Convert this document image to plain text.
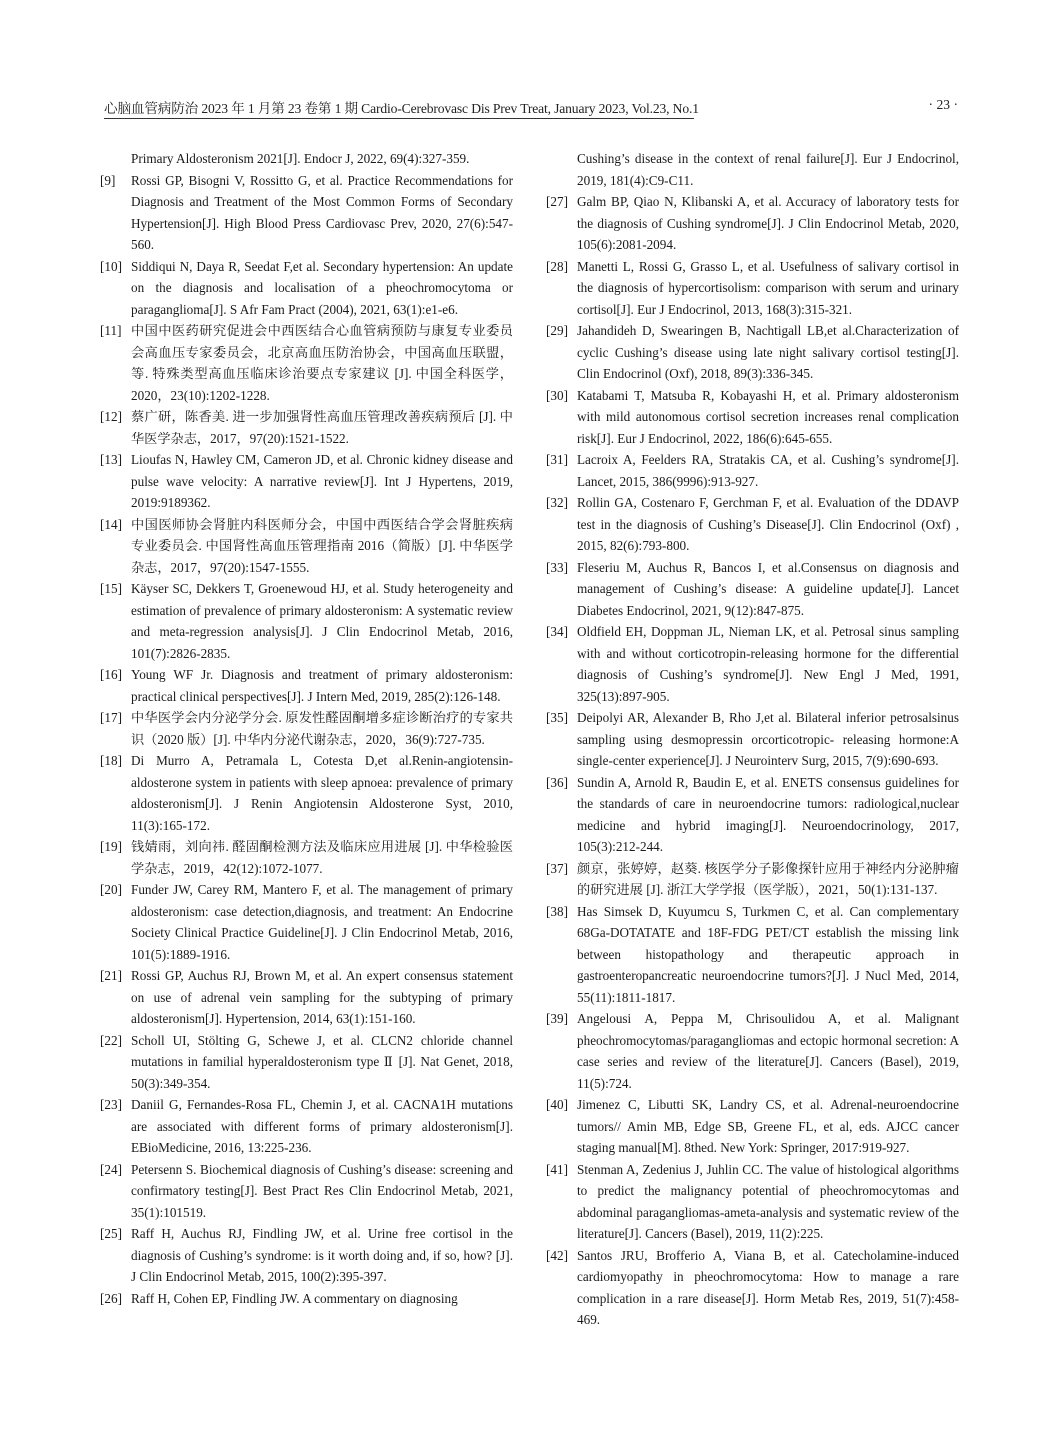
心脑血管病防治 2023 年 1 月第 23 卷第 1 期 Cardio-Cerebrovasc Dis Prev Treat, January 2023, Vol.23, No.1	· 23 ·
Primary Aldosteronism 2021[J]. Endocr J, 2022, 69(4):327-359.
[9] Rossi GP, Bisogni V, Rossitto G, et al. Practice Recommendations for Diagnosis and Treatment of the Most Common Forms of Secondary Hypertension[J]. High Blood Press Cardiovasc Prev, 2020, 27(6):547-560.
[10] Siddiqui N, Daya R, Seedat F,et al. Secondary hypertension: An update on the diagnosis and localisation of a pheochromocytoma or paraganglioma[J]. S Afr Fam Pract (2004), 2021, 63(1):e1-e6.
[11] 中国中医药研究促进会中西医结合心血管病预防与康复专业委员会高血压专家委员会，北京高血压防治协会，中国高血压联盟，等. 特殊类型高血压临床诊治要点专家建议 [J]. 中国全科医学，2020，23(10):1202-1228.
[12] 蔡广研，陈香美. 进一步加强肾性高血压管理改善疾病预后 [J]. 中华医学杂志，2017，97(20):1521-1522.
[13] Lioufas N, Hawley CM, Cameron JD, et al. Chronic kidney disease and pulse wave velocity: A narrative review[J]. Int J Hypertens, 2019, 2019:9189362.
[14] 中国医师协会肾脏内科医师分会，中国中西医结合学会肾脏疾病专业委员会. 中国肾性高血压管理指南 2016（简版）[J]. 中华医学杂志，2017，97(20):1547-1555.
[15] Käyser SC, Dekkers T, Groenewoud HJ, et al. Study heterogeneity and estimation of prevalence of primary aldosteronism: A systematic review and meta-regression analysis[J]. J Clin Endocrinol Metab, 2016, 101(7):2826-2835.
[16] Young WF Jr. Diagnosis and treatment of primary aldosteronism: practical clinical perspectives[J]. J Intern Med, 2019, 285(2):126-148.
[17] 中华医学会内分泌学分会. 原发性醛固酮增多症诊断治疗的专家共识（2020 版）[J]. 中华内分泌代谢杂志，2020，36(9):727-735.
[18] Di Murro A, Petramala L, Cotesta D,et al.Renin-angiotensin-aldosterone system in patients with sleep apnoea: prevalence of primary aldosteronism[J]. J Renin Angiotensin Aldosterone Syst, 2010, 11(3):165-172.
[19] 钱婧雨，刘向祎. 醛固酮检测方法及临床应用进展 [J]. 中华检验医学杂志，2019，42(12):1072-1077.
[20] Funder JW, Carey RM, Mantero F, et al. The management of primary aldosteronism: case detection,diagnosis, and treatment: An Endocrine Society Clinical Practice Guideline[J]. J Clin Endocrinol Metab, 2016, 101(5):1889-1916.
[21] Rossi GP, Auchus RJ, Brown M, et al. An expert consensus statement on use of adrenal vein sampling for the subtyping of primary aldosteronism[J]. Hypertension, 2014, 63(1):151-160.
[22] Scholl UI, Stölting G, Schewe J, et al. CLCN2 chloride channel mutations in familial hyperaldosteronism type Ⅱ [J]. Nat Genet, 2018, 50(3):349-354.
[23] Daniil G, Fernandes-Rosa FL, Chemin J, et al. CACNA1H mutations are associated with different forms of primary aldosteronism[J]. EBioMedicine, 2016, 13:225-236.
[24] Petersenn S. Biochemical diagnosis of Cushing’s disease: screening and confirmatory testing[J]. Best Pract Res Clin Endocrinol Metab, 2021, 35(1):101519.
[25] Raff H, Auchus RJ, Findling JW, et al. Urine free cortisol in the diagnosis of Cushing’s syndrome: is it worth doing and, if so, how? [J]. J Clin Endocrinol Metab, 2015, 100(2):395-397.
[26] Raff H, Cohen EP, Findling JW. A commentary on diagnosing
Cushing’s disease in the context of renal failure[J]. Eur J Endocrinol, 2019, 181(4):C9-C11.
[27] Galm BP, Qiao N, Klibanski A, et al. Accuracy of laboratory tests for the diagnosis of Cushing syndrome[J]. J Clin Endocrinol Metab, 2020, 105(6):2081-2094.
[28] Manetti L, Rossi G, Grasso L, et al. Usefulness of salivary cortisol in the diagnosis of hypercortisolism: comparison with serum and urinary cortisol[J]. Eur J Endocrinol, 2013, 168(3):315-321.
[29] Jahandideh D, Swearingen B, Nachtigall LB,et al.Characterization of cyclic Cushing’s disease using late night salivary cortisol testing[J]. Clin Endocrinol (Oxf), 2018, 89(3):336-345.
[30] Katabami T, Matsuba R, Kobayashi H, et al. Primary aldosteronism with mild autonomous cortisol secretion increases renal complication risk[J]. Eur J Endocrinol, 2022, 186(6):645-655.
[31] Lacroix A, Feelders RA, Stratakis CA, et al. Cushing’s syndrome[J]. Lancet, 2015, 386(9996):913-927.
[32] Rollin GA, Costenaro F, Gerchman F, et al. Evaluation of the DDAVP test in the diagnosis of Cushing’s Disease[J]. Clin Endocrinol (Oxf) , 2015, 82(6):793-800.
[33] Fleseriu M, Auchus R, Bancos I, et al.Consensus on diagnosis and management of Cushing’s disease: A guideline update[J]. Lancet Diabetes Endocrinol, 2021, 9(12):847-875.
[34] Oldfield EH, Doppman JL, Nieman LK, et al. Petrosal sinus sampling with and without corticotropin-releasing hormone for the differential diagnosis of Cushing’s syndrome[J]. New Engl J Med, 1991, 325(13):897-905.
[35] Deipolyi AR, Alexander B, Rho J,et al. Bilateral inferior petrosalsinus sampling using desmopressin orcorticotropic- releasing hormone:A single-center experience[J]. J Neurointerv Surg, 2015, 7(9):690-693.
[36] Sundin A, Arnold R, Baudin E, et al. ENETS consensus guidelines for the standards of care in neuroendocrine tumors: radiological,nuclear medicine and hybrid imaging[J]. Neuroendocrinology, 2017, 105(3):212-244.
[37] 颜京，张婷婷，赵葵. 核医学分子影像探针应用于神经内分泌肿瘤的研究进展 [J]. 浙江大学学报（医学版），2021，50(1):131-137.
[38] Has Simsek D, Kuyumcu S, Turkmen C, et al. Can complementary 68Ga-DOTATATE and 18F-FDG PET/CT establish the missing link between histopathology and therapeutic approach in gastroenteropancreatic neuroendocrine tumors?[J]. J Nucl Med, 2014, 55(11):1811-1817.
[39] Angelousi A, Peppa M, Chrisoulidou A, et al. Malignant pheochromocytomas/paragangliomas and ectopic hormonal secretion: A case series and review of the literature[J]. Cancers (Basel), 2019, 11(5):724.
[40] Jimenez C, Libutti SK, Landry CS, et al. Adrenal-neuroendocrine tumors// Amin MB, Edge SB, Greene FL, et al, eds. AJCC cancer staging manual[M]. 8thed. New York: Springer, 2017:919-927.
[41] Stenman A, Zedenius J, Juhlin CC. The value of histological algorithms to predict the malignancy potential of pheochromocytomas and abdominal paragangliomas-ameta-analysis and systematic review of the literature[J]. Cancers (Basel), 2019, 11(2):225.
[42] Santos JRU, Brofferio A, Viana B, et al. Catecholamine-induced cardiomyopathy in pheochromocytoma: How to manage a rare complication in a rare disease[J]. Horm Metab Res, 2019, 51(7):458-469.
